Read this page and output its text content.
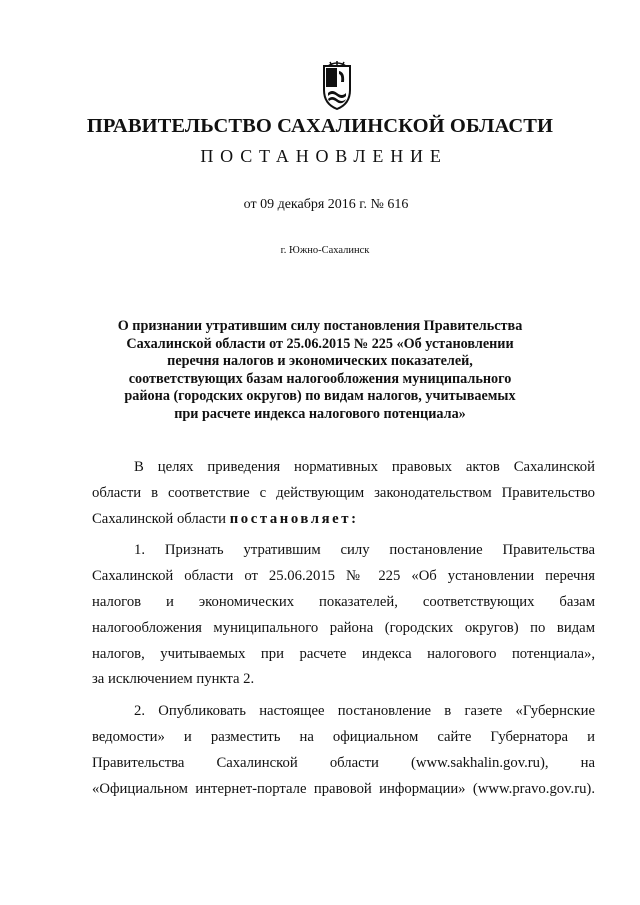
ПРАВИТЕЛЬСТВО САХАЛИНСКОЙ ОБЛАСТИ
ПОСТАНОВЛЕНИЕ
от 09 декабря 2016 г. № 616
г. Южно-Сахалинск
О признании утратившим силу постановления Правительства
Сахалинской области от 25.06.2015 № 225 «Об установлении
перечня налогов и экономических показателей,
соответствующих базам налогообложения муниципального
района (городских округов) по видам налогов, учитываемых
при расчете индекса налогового потенциала»
В целях приведения нормативных правовых актов Сахалинской
области в соответствие с действующим законодательством Правительство
Сахалинской области постановляет:
1. Признать утратившим силу постановление Правительства
Сахалинской области от 25.06.2015 № 225 «Об установлении перечня
налогов и экономических показателей, соответствующих базам
налогообложения муниципального района (городских округов) по видам
налогов, учитываемых при расчете индекса налогового потенциала»,
за исключением пункта 2.
2. Опубликовать настоящее постановление в газете «Губернские
ведомости» и разместить на официальном сайте Губернатора и
Правительства Сахалинской области (www.sakhalin.gov.ru), на
«Официальном интернет-портале правовой информации» (www.pravo.gov.ru).
